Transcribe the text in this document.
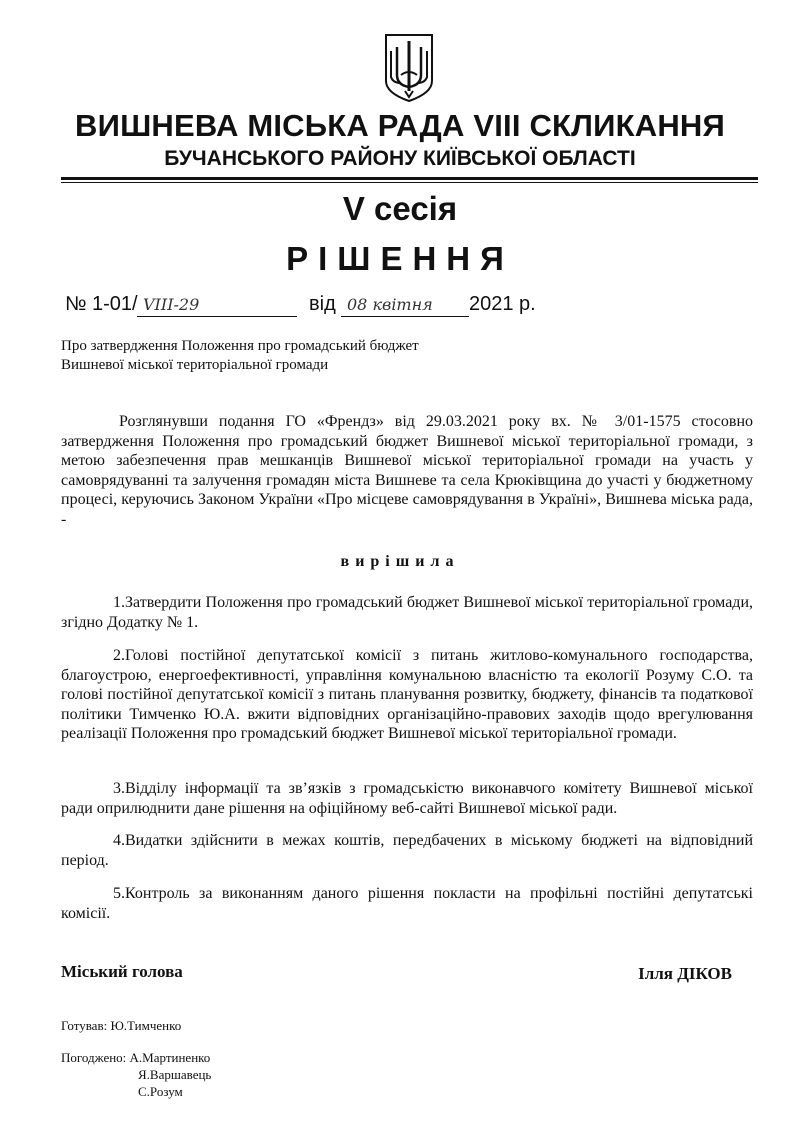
ВИШНЕВА МІСЬКА РАДА VIII СКЛИКАННЯ
БУЧАНСЬКОГО РАЙОНУ КИЇВСЬКОЇ ОБЛАСТІ
V сесія
РІШЕННЯ
№ 1-01/ VIII-29	від 08 квітня 2021 р.
Про затвердження Положення про громадський бюджет
Вишневої міської територіальної громади
Розглянувши подання ГО «Френдз» від 29.03.2021 року вх. № 3/01-1575 стосовно затвердження Положення про громадський бюджет Вишневої міської територіальної громади, з метою забезпечення прав мешканців Вишневої міської територіальної громади на участь у самоврядуванні та залучення громадян міста Вишневе та села Крюківщина до участі у бюджетному процесі, керуючись Законом України «Про місцеве самоврядування в Україні», Вишнева міська рада, -
вирішила
1.Затвердити Положення про громадський бюджет Вишневої міської територіальної громади, згідно Додатку № 1.
2.Голові постійної депутатської комісії з питань житлово-комунального господарства, благоустрою, енергоефективності, управління комунальною власністю та екології Розуму С.О. та голові постійної депутатської комісії з питань планування розвитку, бюджету, фінансів та податкової політики Тимченко Ю.А. вжити відповідних організаційно-правових заходів щодо врегулювання реалізації Положення про громадський бюджет Вишневої міської територіальної громади.
3.Відділу інформації та зв’язків з громадськістю виконавчого комітету Вишневої міської ради оприлюднити дане рішення на офіційному веб-сайті Вишневої міської ради.
4.Видатки здійснити в межах коштів, передбачених в міському бюджеті на відповідний період.
5.Контроль за виконанням даного рішення покласти на профільні постійні депутатські комісії.
Міський голова	Ілля ДІКОВ
Готував: Ю.Тимченко
Погоджено: А.Мартиненко
Я.Варшавець
С.Розум
